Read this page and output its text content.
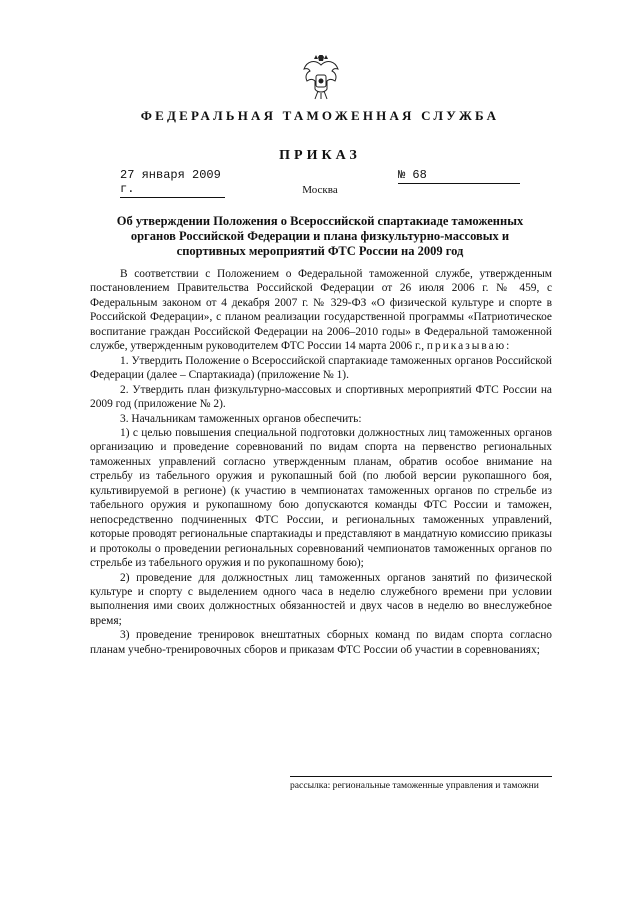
ФЕДЕРАЛЬНАЯ ТАМОЖЕННАЯ СЛУЖБА
ПРИКАЗ
27 января 2009 г.
№ 68
Москва
Об утверждении Положения о Всероссийской спартакиаде таможенных органов Российской Федерации и плана физкультурно-массовых и спортивных мероприятий ФТС России на 2009 год

В соответствии с Положением о Федеральной таможенной службе, утвержденным постановлением Правительства Российской Федерации от 26 июля 2006 г. № 459, с Федеральным законом от 4 декабря 2007 г. № 329-ФЗ «О физической культуре и спорте в Российской Федерации», с планом реализации государственной программы «Патриотическое воспитание граждан Российской Федерации на 2006–2010 годы» в Федеральной таможенной службе, утвержденным руководителем ФТС России 14 марта 2006 г., приказываю:

1. Утвердить Положение о Всероссийской спартакиаде таможенных органов Российской Федерации (далее – Спартакиада) (приложение № 1).

2. Утвердить план физкультурно-массовых и спортивных мероприятий ФТС России на 2009 год (приложение № 2).

3. Начальникам таможенных органов обеспечить:

1) с целью повышения специальной подготовки должностных лиц таможенных органов организацию и проведение соревнований по видам спорта на первенство региональных таможенных управлений согласно утвержденным планам, обратив особое внимание на стрельбу из табельного оружия и рукопашный бой (по любой версии рукопашного боя, культивируемой в регионе) (к участию в чемпионатах таможенных органов по стрельбе из табельного оружия и рукопашному бою допускаются команды ФТС России и таможен, непосредственно подчиненных ФТС России, и региональных таможенных управлений, которые проводят региональные спартакиады и представляют в мандатную комиссию приказы и протоколы о проведении региональных соревнований чемпионатов таможенных органов по стрельбе из табельного оружия и по рукопашному бою);

2) проведение для должностных лиц таможенных органов занятий по физической культуре и спорту с выделением одного часа в неделю служебного времени при условии выполнения ими своих должностных обязанностей и двух часов в неделю во внеслужебное время;

3) проведение тренировок внештатных сборных команд по видам спорта согласно планам учебно-тренировочных сборов и приказам ФТС России об участии в соревнованиях;

рассылка: региональные таможенные управления и таможни
